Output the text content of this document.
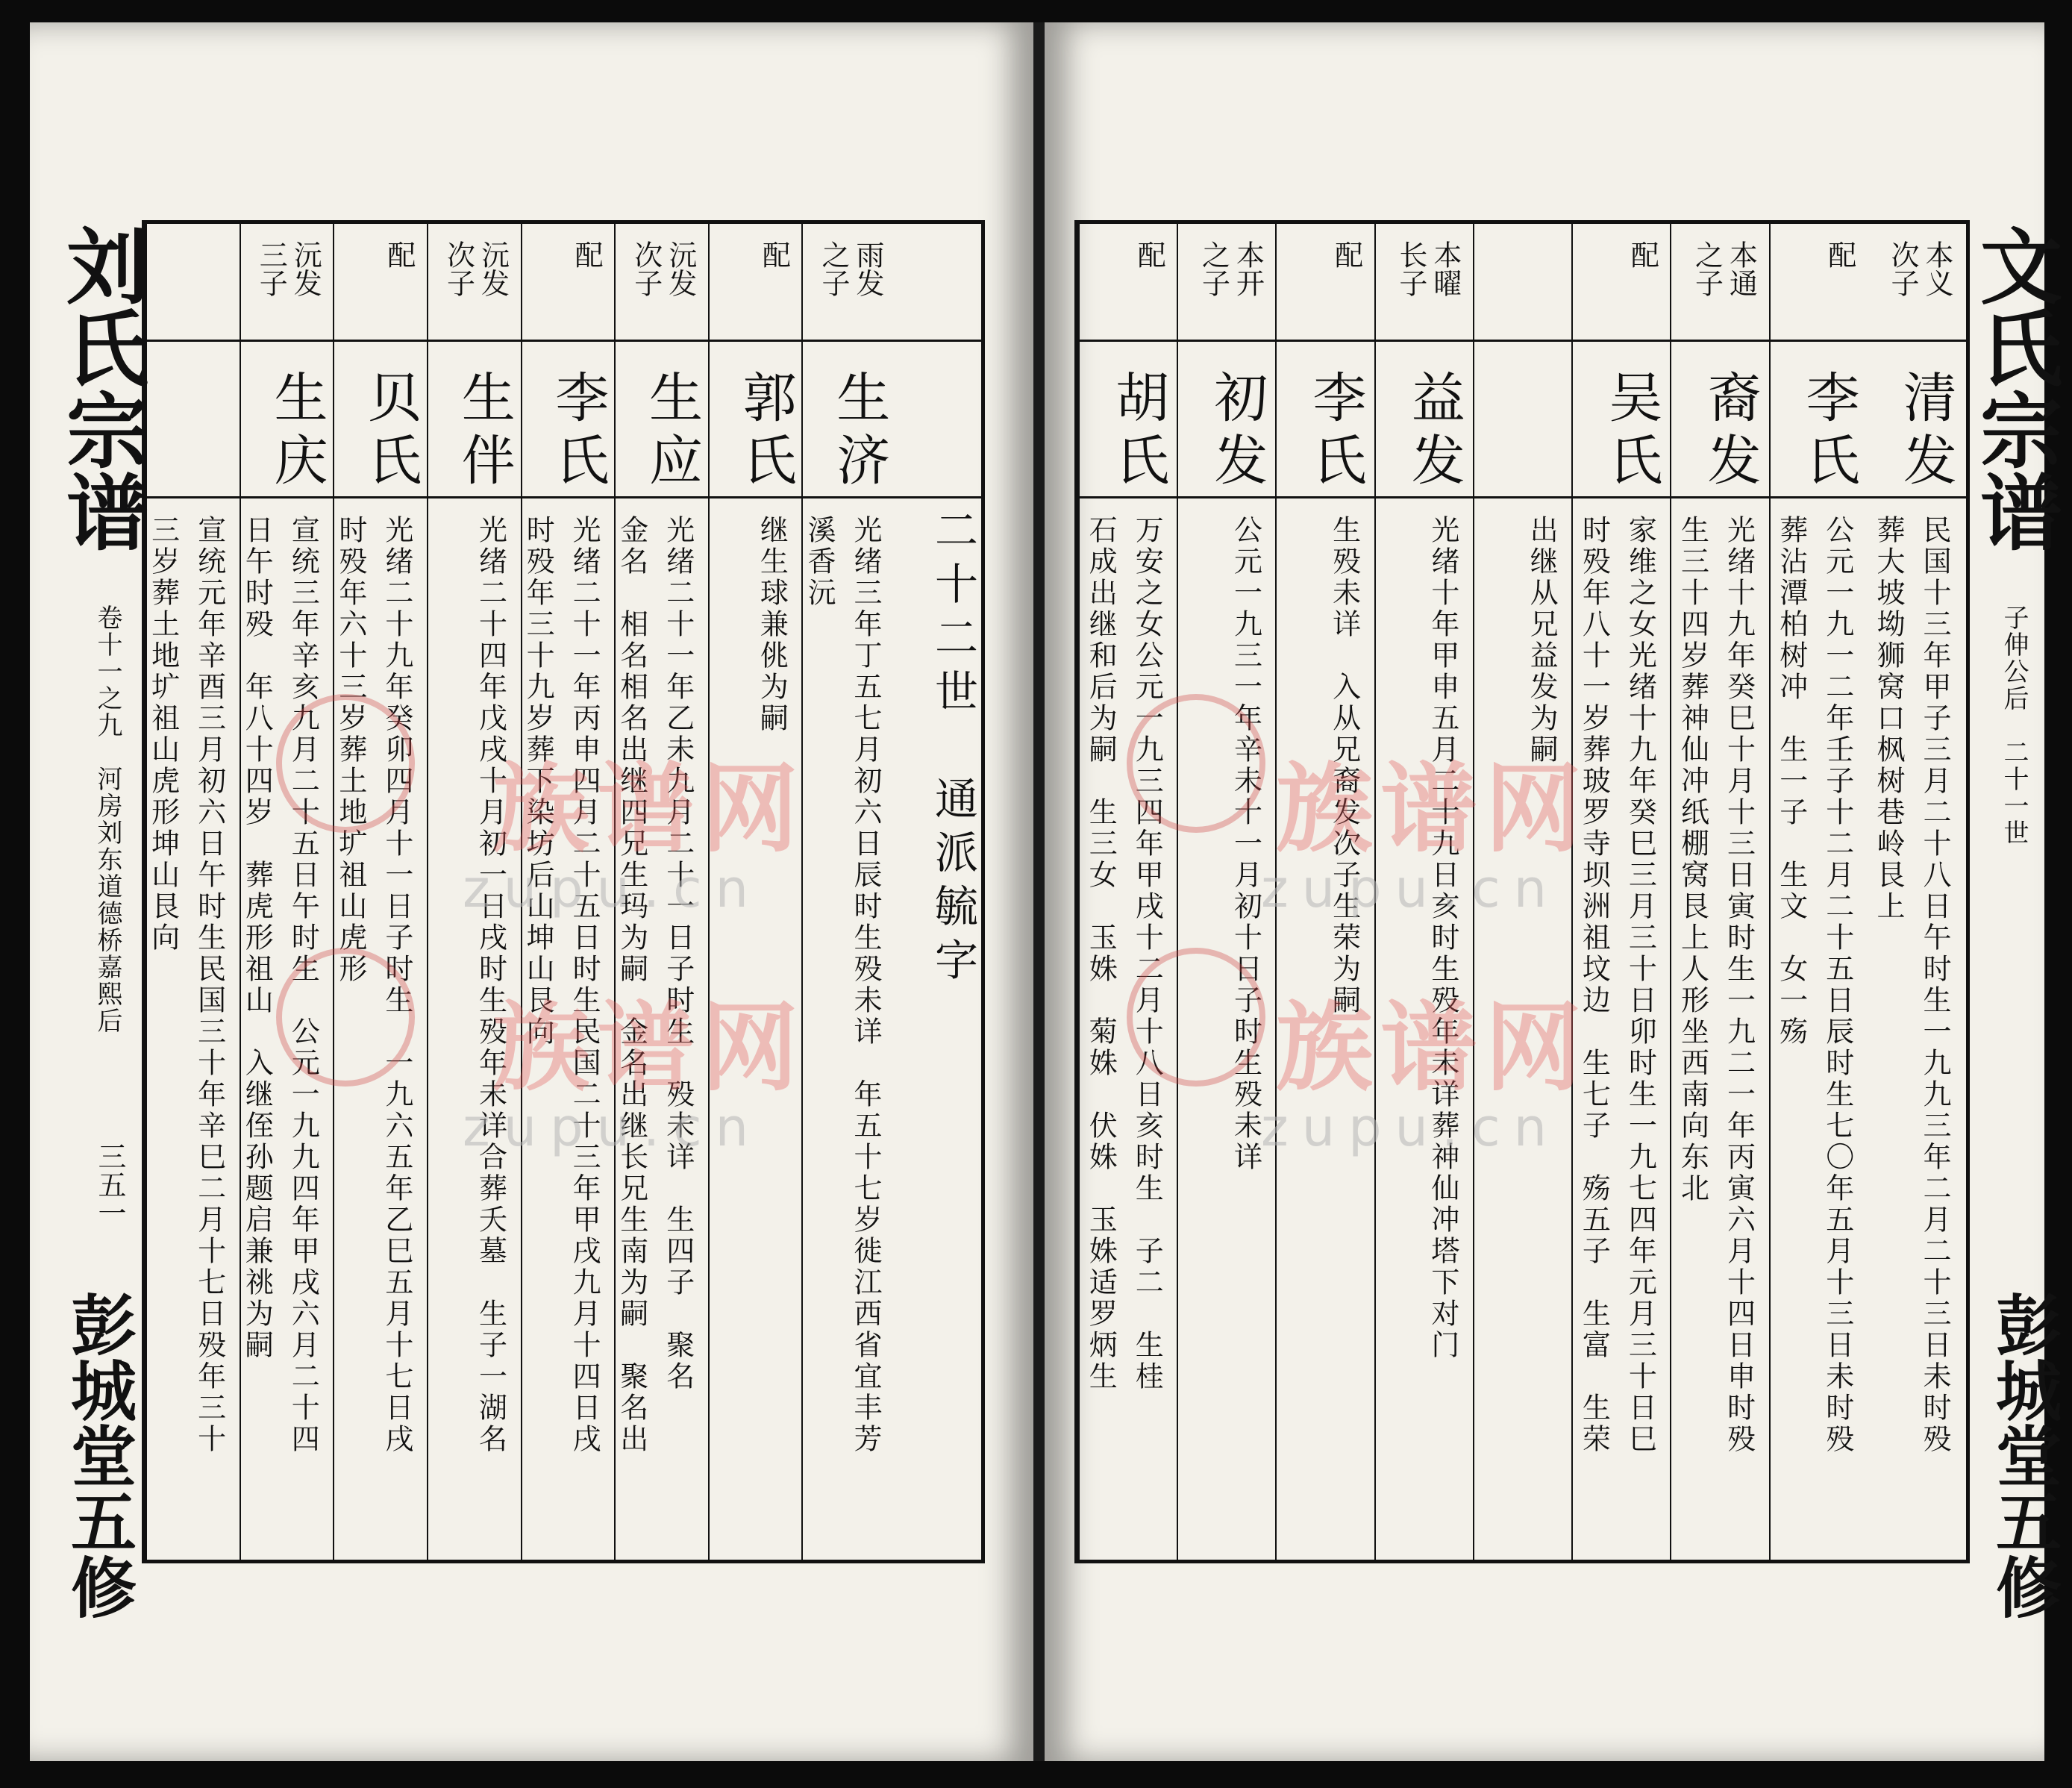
刘氏宗谱
卷十一之九　河房刘东道德桥嘉熙后
三五一
彭城堂五修
二十二世　通派毓字
雨发
之子
生济
光绪三年丁五七月初六日辰时生殁未详　年五十七岁徙江西省宜丰芳
溪香沅
配
郭氏
继生球兼佻为嗣
沅发
次子
生应
光绪二十一年乙未九月二十一日子时生　殁未详　生四子　聚名
金名　相名相名出继四兄生玛为嗣　金名出继长兄生南为嗣　聚名出
配
李氏
光绪二十一年丙申四月二十五日时生民国二十三年甲戌九月十四日戌
时殁年三十九岁葬下染坊后山坤山艮向
沅发
次子
生伴
光绪二十四年戊戌十月初一日戌时生殁年未详合葬夭墓　生子一湖名
配
贝氏
光绪二十九年癸卯四月十一日子时生　一九六五年乙巳五月十七日戌
时殁年六十三岁葬土地圹祖山虎形
沅发
三子
生庆
宣统三年辛亥九月二十五日午时生　公元一九九四年甲戌六月二十四
日午时殁　年八十四岁　葬虎形祖山　入继侄孙题启兼祧为嗣
宣统元年辛酉三月初六日午时生民国三十年辛巳二月十七日殁年三十
三岁葬土地圹祖山虎形坤山艮向	族谱网
族谱网
zupu.cn
zupu.cn
文氏宗谱
子伸公后　二十一世
彭城堂五修
本义
次子
清发
民国十三年甲子三月二十八日午时生一九九三年二月二十三日未时殁
葬大坡坳狮窝口枫树巷岭艮上
配
李氏
公元一九一二年壬子十二月二十五日辰时生七〇年五月十三日未时殁
葬沾潭柏树冲　生一子　生文　女一殇
本通
之子
裔发
光绪十九年癸巳十月十三日寅时生一九二一年丙寅六月十四日申时殁
生三十四岁葬神仙冲纸棚窝艮上人形坐西南向东北
配
吴氏
家维之女光绪十九年癸巳三月三十日卯时生一九七四年元月三十日巳
时殁年八十一岁葬玻罗寺坝洲祖坟边　生七子　殇五子　生富　生荣
出继从兄益发为嗣
本曜
长子
益发
光绪十年甲申五月二十九日亥时生殁年未详葬神仙冲塔下对门
配
李氏
生殁未详　入从兄裔发次子生荣为嗣
本开
之子
初发
公元一九三一年辛未十一月初十日子时生殁未详
配
胡氏
万安之女公元一九三四年甲戌十二月十八日亥时生　子二　生桂
石成出继和后为嗣　生三女　玉姝　菊姝　伏姝　玉姝适罗炳生 族谱网
族谱网
zupu.cn
zupu.cn
